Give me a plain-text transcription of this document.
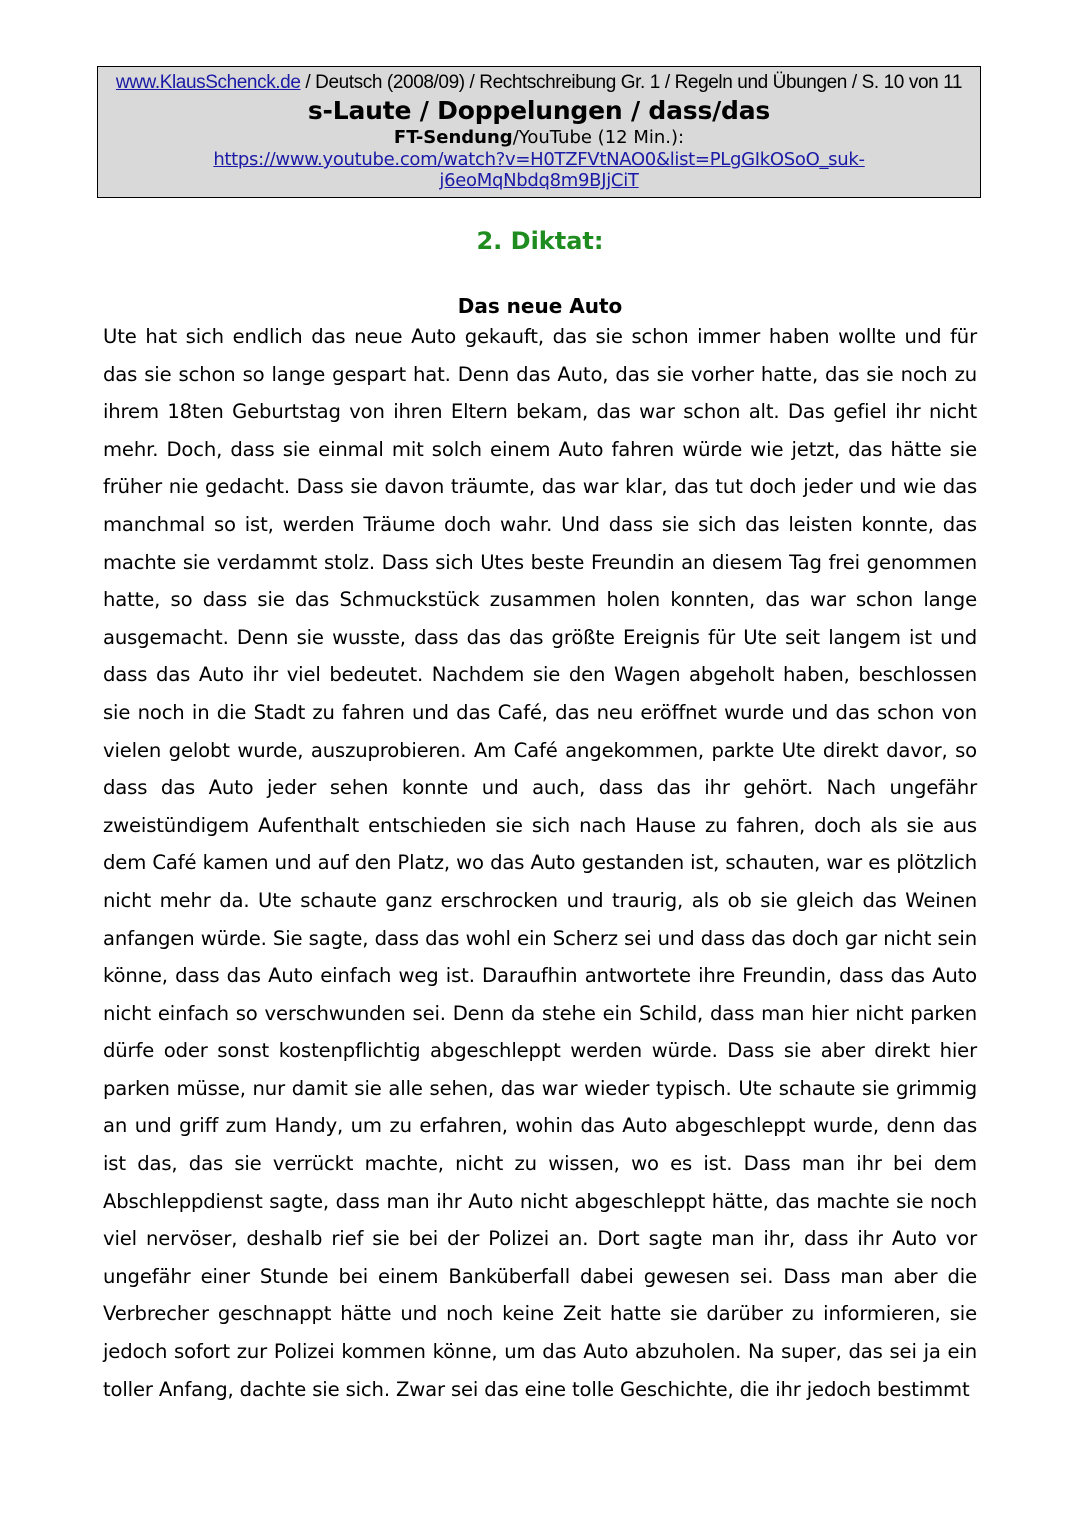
www.KlausSchenck.de / Deutsch (2008/09) / Rechtschreibung Gr. 1 / Regeln und Übungen / S. 10 von 11
s-Laute / Doppelungen / dass/das
FT-Sendung/YouTube (12 Min.):
https://www.youtube.com/watch?v=H0TZFVtNAO0&list=PLgGIkOSoO_suk-
j6eoMqNbdq8m9BJjCiT
2. Diktat:
Das neue Auto

Ute hat sich endlich das neue Auto gekauft, das sie schon immer haben wollte und für das sie schon so lange gespart hat. Denn das Auto, das sie vorher hatte, das sie noch zu ihrem 18ten Geburtstag von ihren Eltern bekam, das war schon alt. Das gefiel ihr nicht mehr. Doch, dass sie einmal mit solch einem Auto fahren würde wie jetzt, das hätte sie früher nie gedacht. Dass sie davon träumte, das war klar, das tut doch jeder und wie das manchmal so ist, werden Träume doch wahr. Und dass sie sich das leisten konnte, das machte sie verdammt stolz. Dass sich Utes beste Freundin an diesem Tag frei genommen hatte, so dass sie das Schmuckstück zusammen holen konnten, das war schon lange ausgemacht. Denn sie wusste, dass das das größte Ereignis für Ute seit langem ist und dass das Auto ihr viel bedeutet. Nachdem sie den Wagen abgeholt haben, beschlossen sie noch in die Stadt zu fahren und das Café, das neu eröffnet wurde und das schon von vielen gelobt wurde, auszuprobieren. Am Café angekommen, parkte Ute direkt davor, so dass das Auto jeder sehen konnte und auch, dass das ihr gehört. Nach ungefähr zweistündigem Aufenthalt entschieden sie sich nach Hause zu fahren, doch als sie aus dem Café kamen und auf den Platz, wo das Auto gestanden ist, schauten, war es plötzlich nicht mehr da. Ute schaute ganz erschrocken und traurig, als ob sie gleich das Weinen anfangen würde. Sie sagte, dass das wohl ein Scherz sei und dass das doch gar nicht sein könne, dass das Auto einfach weg ist. Daraufhin antwortete ihre Freundin, dass das Auto nicht einfach so verschwunden sei. Denn da stehe ein Schild, dass man hier nicht parken dürfe oder sonst kostenpflichtig abgeschleppt werden würde. Dass sie aber direkt hier parken müsse, nur damit sie alle sehen, das war wieder typisch. Ute schaute sie grimmig an und griff zum Handy, um zu erfahren, wohin das Auto abgeschleppt wurde, denn das ist das, das sie verrückt machte, nicht zu wissen, wo es ist. Dass man ihr bei dem Abschleppdienst sagte, dass man ihr Auto nicht abgeschleppt hätte, das machte sie noch viel nervöser, deshalb rief sie bei der Polizei an. Dort sagte man ihr, dass ihr Auto vor ungefähr einer Stunde bei einem Banküberfall dabei gewesen sei. Dass man aber die Verbrecher geschnappt hätte und noch keine Zeit hatte sie darüber zu informieren, sie jedoch sofort zur Polizei kommen könne, um das Auto abzuholen. Na super, das sei ja ein toller Anfang, dachte sie sich. Zwar sei das eine tolle Geschichte, die ihr jedoch bestimmt
